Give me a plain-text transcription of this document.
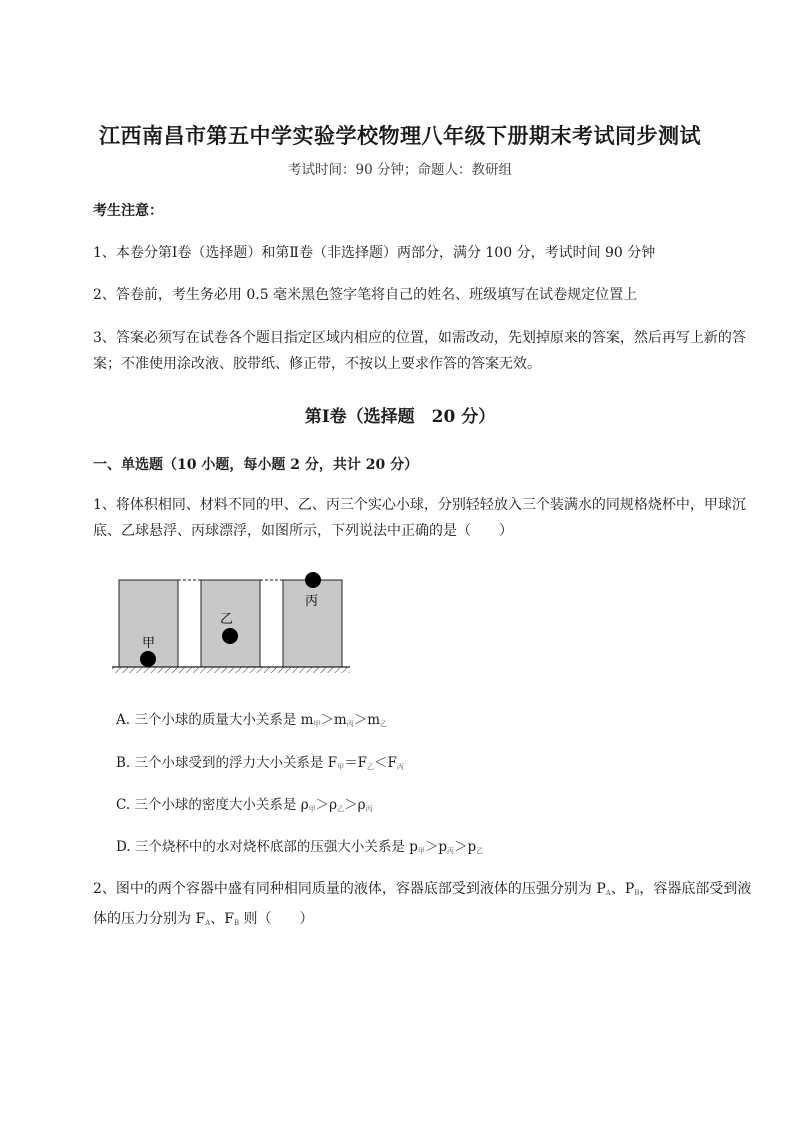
江西南昌市第五中学实验学校物理八年级下册期末考试同步测试
考试时间：90 分钟；命题人：教研组
考生注意：
1、本卷分第Ⅰ卷（选择题）和第Ⅱ卷（非选择题）两部分，满分 100 分，考试时间 90 分钟
2、答卷前，考生务必用 0.5 毫米黑色签字笔将自己的姓名、班级填写在试卷规定位置上
3、答案必须写在试卷各个题目指定区域内相应的位置，如需改动，先划掉原来的答案，然后再写上新的答案；不准使用涂改液、胶带纸、修正带，不按以上要求作答的答案无效。
第Ⅰ卷（选择题　20 分）
一、单选题（10 小题，每小题 2 分，共计 20 分）
1、将体积相同、材料不同的甲、乙、丙三个实心小球，分别轻轻放入三个装满水的同规格烧杯中，甲球沉底、乙球悬浮、丙球漂浮，如图所示，下列说法中正确的是（　　）
甲
乙
丙
A. 三个小球的质量大小关系是 $m_甲>m_丙>m_乙$
B. 三个小球受到的浮力大小关系是 $F_甲=F_乙<F_丙$
C. 三个小球的密度大小关系是 $\rho_甲>\rho_乙>\rho_丙$
D. 三个烧杯中的水对烧杯底部的压强大小关系是 $p_甲>p_丙>p_乙$
2、图中的两个容器中盛有同种相同质量的液体，容器底部受到液体的压强分别为 $P_A$、$P_B$，容器底部受到液体的压力分别为 $F_A$、$F_B$ 则（　　）
